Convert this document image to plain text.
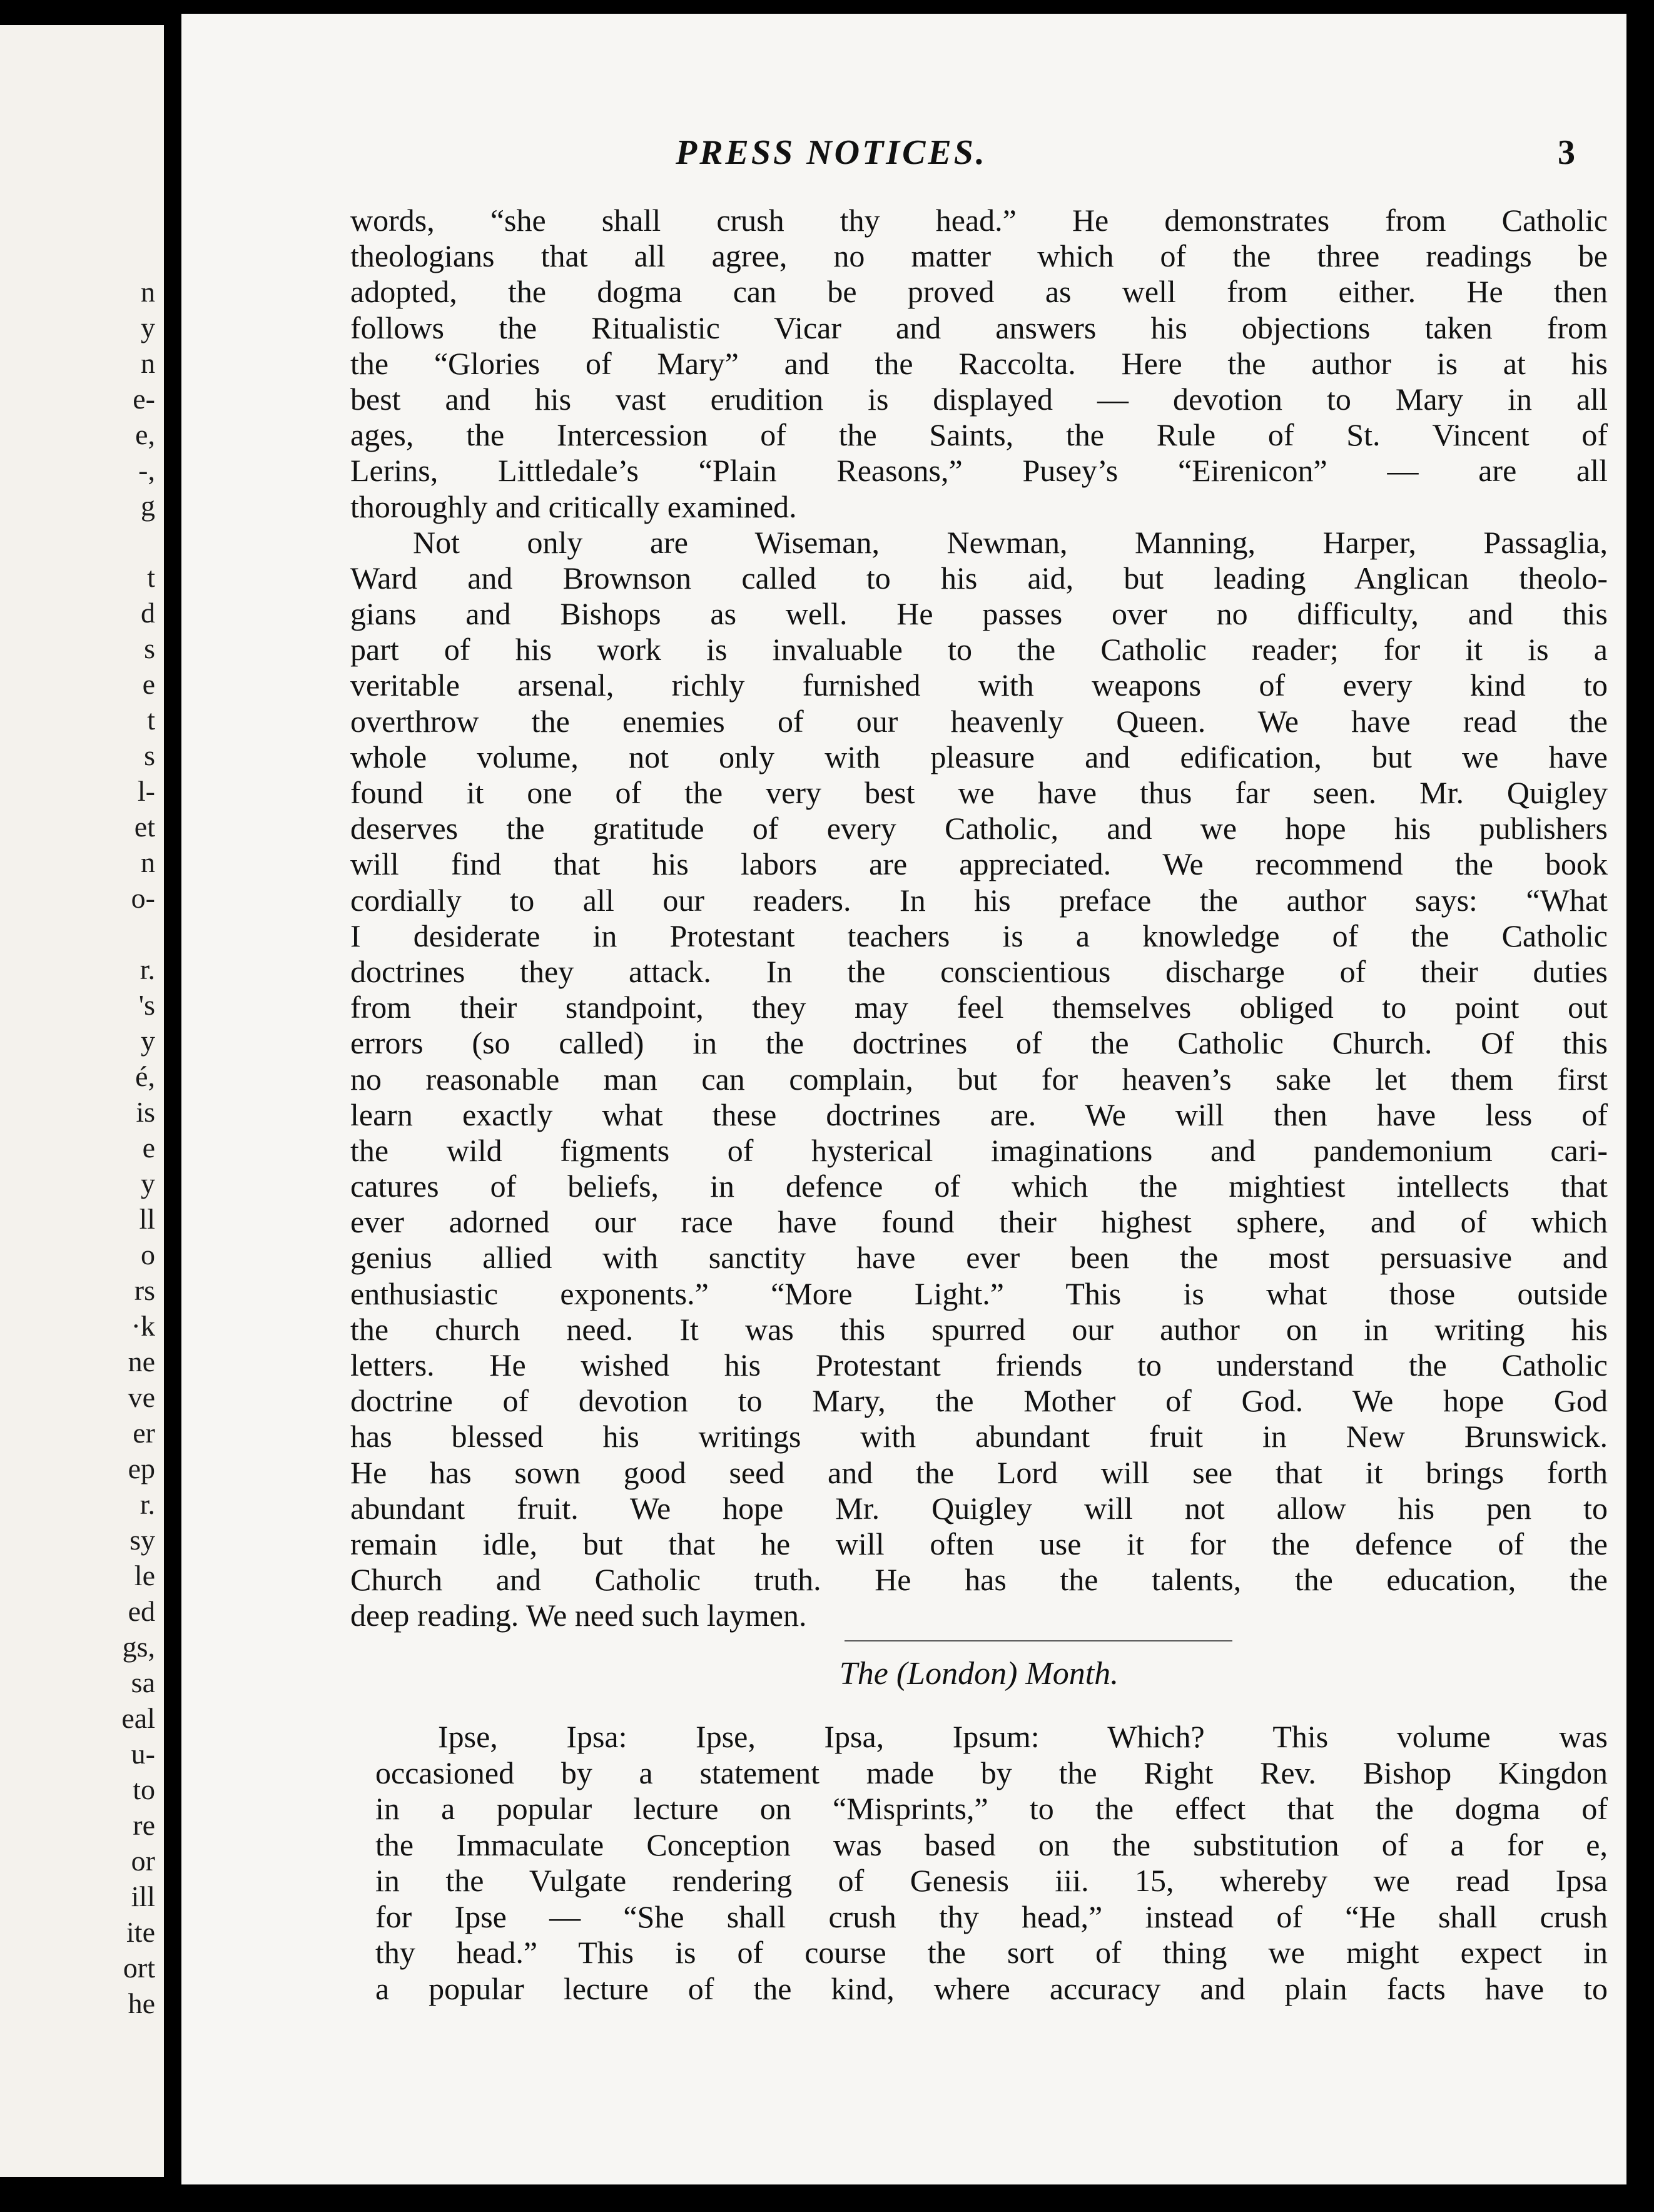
n
y
n
e-
e,
-,
g
t
d
s
e
t
s
l-
et
n
o-
r.
's
y
é,
is
e
y
ll
o
rs
·k
ne
ve
er
ep
r.
sy
le
ed
gs,
sa
eal
u-
to
re
or
ill
ite
ort
he
PRESS NOTICES.	3
words, “she shall crush thy head.” He demonstrates from Catholic
theologians that all agree, no matter which of the three readings be
adopted, the dogma can be proved as well from either. He then
follows the Ritualistic Vicar and answers his objections taken from
the “Glories of Mary” and the Raccolta. Here the author is at his
best and his vast erudition is displayed — devotion to Mary in all
ages, the Intercession of the Saints, the Rule of St. Vincent of
Lerins, Littledale’s “Plain Reasons,” Pusey’s “Eirenicon” — are all
thoroughly and critically examined.
Not only are Wiseman, Newman, Manning, Harper, Passaglia,
Ward and Brownson called to his aid, but leading Anglican theolo-
gians and Bishops as well. He passes over no difficulty, and this
part of his work is invaluable to the Catholic reader; for it is a
veritable arsenal, richly furnished with weapons of every kind to
overthrow the enemies of our heavenly Queen. We have read the
whole volume, not only with pleasure and edification, but we have
found it one of the very best we have thus far seen. Mr. Quigley
deserves the gratitude of every Catholic, and we hope his publishers
will find that his labors are appreciated. We recommend the book
cordially to all our readers. In his preface the author says: “What
I desiderate in Protestant teachers is a knowledge of the Catholic
doctrines they attack. In the conscientious discharge of their duties
from their standpoint, they may feel themselves obliged to point out
errors (so called) in the doctrines of the Catholic Church. Of this
no reasonable man can complain, but for heaven’s sake let them first
learn exactly what these doctrines are. We will then have less of
the wild figments of hysterical imaginations and pandemonium cari-
catures of beliefs, in defence of which the mightiest intellects that
ever adorned our race have found their highest sphere, and of which
genius allied with sanctity have ever been the most persuasive and
enthusiastic exponents.” “More Light.” This is what those outside
the church need. It was this spurred our author on in writing his
letters. He wished his Protestant friends to understand the Catholic
doctrine of devotion to Mary, the Mother of God. We hope God
has blessed his writings with abundant fruit in New Brunswick.
He has sown good seed and the Lord will see that it brings forth
abundant fruit. We hope Mr. Quigley will not allow his pen to
remain idle, but that he will often use it for the defence of the
Church and Catholic truth. He has the talents, the education, the
deep reading. We need such laymen.
The (London) Month.
Ipse, Ipsa: Ipse, Ipsa, Ipsum: Which? This volume was
occasioned by a statement made by the Right Rev. Bishop Kingdon
in a popular lecture on “Misprints,” to the effect that the dogma of
the Immaculate Conception was based on the substitution of a for e,
in the Vulgate rendering of Genesis iii. 15, whereby we read Ipsa
for Ipse — “She shall crush thy head,” instead of “He shall crush
thy head.” This is of course the sort of thing we might expect in
a popular lecture of the kind, where accuracy and plain facts have to
